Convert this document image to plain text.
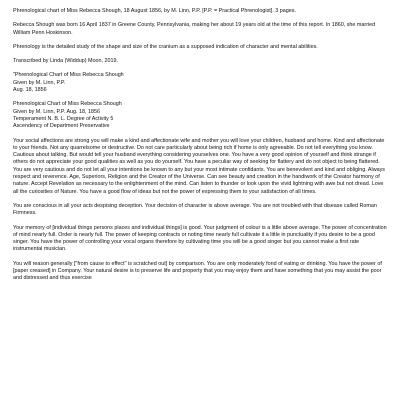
Phrenological chart of Miss Rebecca Shough, 18 August 1856, by M. Linn, P.P. [P.P. = Practical Phrenologist]. 3 pages.

Rebecca Shough was born 16 April 1837 in Greene County, Pennsylvania, making her about 19 years old at the time of this report. In 1860, she married William Penn Hoskinson.

Phrenology is the detailed study of the shape and size of the cranium as a supposed indication of character and mental abilities.

Transcribed by Linda (Widdup) Moon, 2019.

"Phrenological Chart of Miss Rebecca Shough
Given by M. Linn, P.P.
Aug. 18, 1856
Phrenological Chart of Miss Rebecca Shough
Given by M. Linn, P.P. Aug. 18, 1856
Temperament N. B. L. Degree of Activity 5
Ascendency of Department Preservative

Your social affections are strong you will make a kind and affectionate wife and mother you will love your children, husband and home. Kind and affectionate to your friends. Not any quarrelsome or destructive. Do not care particularly about being rich if home is only agreeable. Do not tell everything you know. Cautious about talking. But would tell your husband everything considering yourselves one. You have a very good opinion of yourself and think strange if others do not appreciate your good qualities as well as you do yourself. You have a peculiar way of seeking for flattery and do not object to being flattered. You are very cautious and do not let all your intentions be known to any but your most intimate confidants. You are benevolent and kind and obliging. Always respect and reverence. Age, Superiors, Religion and the Creator of the Universe. Can see beauty and creation in the handiwork of the Creator harmony of nature. Accept Revelation as necessary to the enlightenment of the mind. Can listen to thunder or look upon the vivid lightning with awe but not dread. Love all the curiosities of Nature. You have a good flow of ideas but not the power of expressing them to your satisfaction of all times.

You are conscious in all your acts despising deception. Your decision of character is above average. You are not troubled with that disease called Roman Firmness.

Your memory of [individual things persons places and individual things] is good. Your judgment of colour is a little above average. The power of concentration of mind nearly full. Order is nearly full. The power of keeping contracts or noting time nearly full cultivate it a little in punctuality if you desire to be a good singer. You have the power of controlling your vocal organs therefore by cultivating time you will be a good singer but you cannot make a first rate instrumental musician.

You will reason generally ["from cause to effect" is scratched out] by comparison. You are only moderately fond of eating or drinking. You have the power of [paper creased] in Company. Your natural desire is to preserve life and property that you may enjoy them and have something that you may assist the poor and distressed and thus exercise
